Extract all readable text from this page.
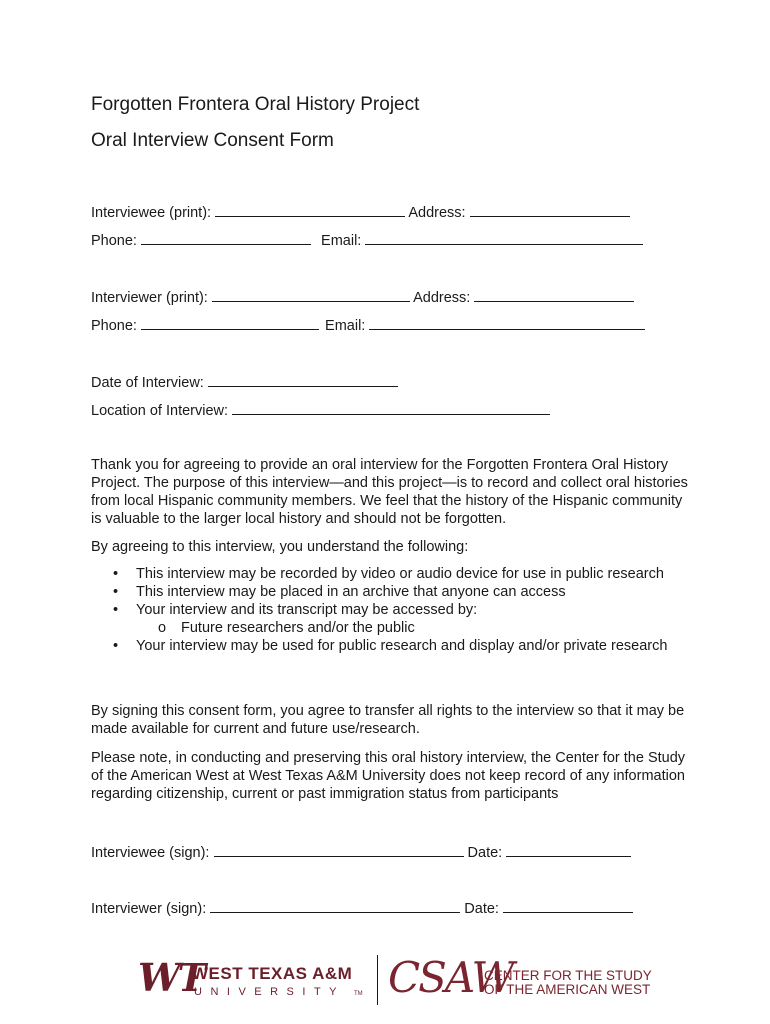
Forgotten Frontera Oral History Project
Oral Interview Consent Form
Interviewee (print):	Address:
Phone:	Email:
Interviewer (print):	Address:
Phone:	Email:
Date of Interview:
Location of Interview:
Thank you for agreeing to provide an oral interview for the Forgotten Frontera Oral History Project. The purpose of this interview—and this project—is to record and collect oral histories from local Hispanic community members. We feel that the history of the Hispanic community is valuable to the larger local history and should not be forgotten.
By agreeing to this interview, you understand the following:
• This interview may be recorded by video or audio device for use in public research
• This interview may be placed in an archive that anyone can access
• Your interview and its transcript may be accessed by:
o Future researchers and/or the public
• Your interview may be used for public research and display and/or private research
By signing this consent form, you agree to transfer all rights to the interview so that it may be made available for current and future use/research.
Please note, in conducting and preserving this oral history interview, the Center for the Study of the American West at West Texas A&M University does not keep record of any information regarding citizenship, current or past immigration status from participants
Interviewee (sign):	Date:
Interviewer (sign):	Date:
WT
WEST TEXAS A&M
UNIVERSITY TM CSAW
CENTER FOR THE STUDY
OF THE AMERICAN WEST
